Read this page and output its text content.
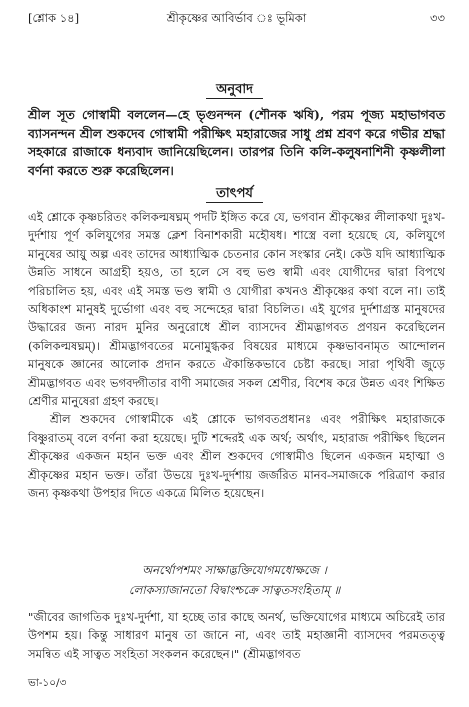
[শ্লোক ১৪]	শ্রীকৃষ্ণের আবির্ভাব ঃ ভূমিকা	৩৩
অনুবাদ
শ্রীল সূত গোস্বামী বললেন—হে ভৃগুনন্দন (শৌনক ঋষি), পরম পূজ্য মহাভাগবত ব্যাসনন্দন শ্রীল শুকদেব গোস্বামী পরীক্ষিৎ মহারাজের সাধু প্রশ্ন শ্রবণ করে গভীর শ্রদ্ধা সহকারে রাজাকে ধন্যবাদ জানিয়েছিলেন। তারপর তিনি কলি-কলুষনাশিনী কৃষ্ণলীলা বর্ণনা করতে শুরু করেছিলেন।
তাৎপর্য

এই শ্লোকে কৃষ্ণচরিতং কলিকল্মষঘ্নম্ পদটি ইঙ্গিত করে যে, ভগবান শ্রীকৃষ্ণের লীলাকথা দুঃখ-দুর্দশায় পূর্ণ কলিযুগের সমস্ত ক্লেশ বিনাশকারী মহৌষধ। শাস্ত্রে বলা হয়েছে যে, কলিযুগে মানুষের আয়ু অল্প এবং তাদের আধ্যাত্মিক চেতনার কোন সংস্কার নেই। কেউ যদি আধ্যাত্মিক উন্নতি সাধনে আগ্রহী হয়ও, তা হলে সে বহু ভণ্ড স্বামী এবং যোগীদের দ্বারা বিপথে পরিচালিত হয়, এবং এই সমস্ত ভণ্ড স্বামী ও যোগীরা কখনও শ্রীকৃষ্ণের কথা বলে না। তাই অধিকাংশ মানুষই দুর্ভোগা এবং বহু সন্দেহের দ্বারা বিচলিত। এই যুগের দুর্দশাগ্রস্ত মানুষদের উদ্ধারের জন্য নারদ মুনির অনুরোধে শ্রীল ব্যাসদেব শ্রীমদ্ভাগবত প্রণয়ন করেছিলেন (কলিকল্মষঘ্নম্)। শ্রীমদ্ভাগবতের মনোমুগ্ধকর বিষয়ের মাধ্যমে কৃষ্ণভাবনামৃত আন্দোলন মানুষকে জ্ঞানের আলোক প্রদান করতে ঐকান্তিকভাবে চেষ্টা করছে। সারা পৃথিবী জুড়ে শ্রীমদ্ভাগবত এবং ভগবদ্গীতার বাণী সমাজের সকল শ্রেণীর, বিশেষ করে উন্নত এবং শিক্ষিত শ্রেণীর মানুষেরা গ্রহণ করছে।

শ্রীল শুকদেব গোস্বামীকে এই শ্লোকে ভাগবতপ্রধানঃ এবং পরীক্ষিৎ মহারাজকে বিষ্ণুরাতম্ বলে বর্ণনা করা হয়েছে। দুটি শব্দেরই এক অর্থ; অর্থাৎ, মহারাজ পরীক্ষিৎ ছিলেন শ্রীকৃষ্ণের একজন মহান ভক্ত এবং শ্রীল শুকদেব গোস্বামীও ছিলেন একজন মহাত্মা ও শ্রীকৃষ্ণের মহান ভক্ত। তাঁরা উভয়ে দুঃখ-দুর্দশায় জর্জরিত মানব-সমাজকে পরিত্রাণ করার জন্য কৃষ্ণকথা উপহার দিতে একত্রে মিলিত হয়েছেন।

অনর্থোপশমং সাক্ষাদ্ভক্তিযোগমধোক্ষজে ।
লোকস্যাজানতো বিদ্বাংশ্চক্রে সাত্বতসংহিতাম্ ॥
"জীবের জাগতিক দুঃখ-দুর্দশা, যা হচ্ছে তার কাছে অনর্থ, ভক্তিযোগের মাধ্যমে অচিরেই তার উপশম হয়। কিন্তু সাধারণ মানুষ তা জানে না, এবং তাই মহাজ্ঞানী ব্যাসদেব পরমতত্ত্ব সমন্বিত এই সাত্বত সংহিতা সংকলন করেছেন।" (শ্রীমদ্ভাগবত
ভা-১০/৩
